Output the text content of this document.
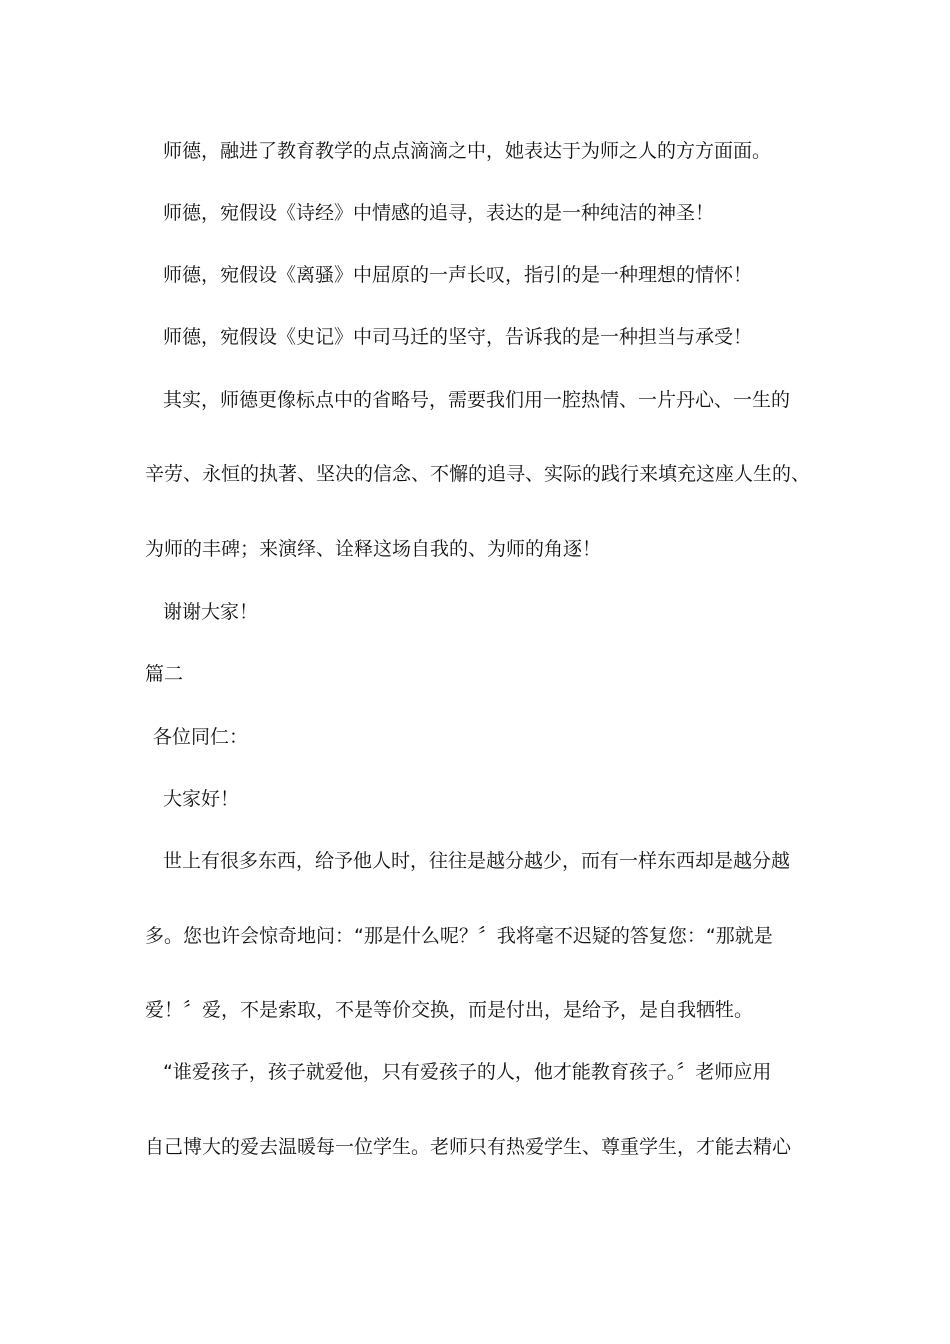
师德，融进了教育教学的点点滴滴之中，她表达于为师之人的方方面面。

师德，宛假设《诗经》中情感的追寻，表达的是一种纯洁的神圣！

师德，宛假设《离骚》中屈原的一声长叹，指引的是一种理想的情怀！

师德，宛假设《史记》中司马迁的坚守，告诉我的是一种担当与承受！

其实，师德更像标点中的省略号，需要我们用一腔热情、一片丹心、一生的

辛劳、永恒的执著、坚决的信念、不懈的追寻、实际的践行来填充这座人生的、

为师的丰碑；来演绎、诠释这场自我的、为师的角逐！

谢谢大家！

篇二

各位同仁：

大家好！

世上有很多东西，给予他人时，往往是越分越少，而有一样东西却是越分越

多。您也许会惊奇地问：“那是什么呢？〞我将毫不迟疑的答复您：“那就是

爱！〞爱，不是索取，不是等价交换，而是付出，是给予，是自我牺牲。

“谁爱孩子，孩子就爱他，只有爱孩子的人，他才能教育孩子。〞老师应用

自己博大的爱去温暖每一位学生。老师只有热爱学生、尊重学生，才能去精心
